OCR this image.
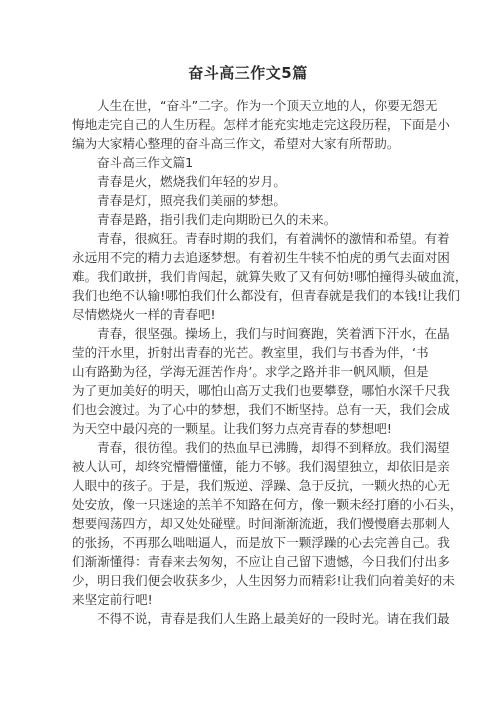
奋斗高三作文5篇
人生在世，“奋斗”二字。作为一个顶天立地的人，你要无怨无
悔地走完自己的人生历程。怎样才能充实地走完这段历程，下面是小
编为大家精心整理的奋斗高三作文，希望对大家有所帮助。
奋斗高三作文篇1
青春是火，燃烧我们年轻的岁月。
青春是灯，照亮我们美丽的梦想。
青春是路，指引我们走向期盼已久的未来。
青春，很疯狂。青春时期的我们，有着满怀的激情和希望。有着
永远用不完的精力去追逐梦想。有着初生牛犊不怕虎的勇气去面对困
难。我们敢拼，我们肯闯起，就算失败了又有何妨!哪怕撞得头破血流，
我们也绝不认输!哪怕我们什么都没有，但青春就是我们的本钱!让我们
尽情燃烧火一样的青春吧!
青春，很坚强。操场上，我们与时间赛跑，笑着洒下汗水，在晶
莹的汗水里，折射出青春的光芒。教室里，我们与书香为伴，‘书
山有路勤为径，学海无涯苦作舟’。求学之路并非一帆风顺，但是
为了更加美好的明天，哪怕山高万丈我们也要攀登，哪怕水深千尺我
们也会渡过。为了心中的梦想，我们不断坚持。总有一天，我们会成
为天空中最闪亮的一颗星。让我们努力点亮青春的梦想吧!
青春，很彷徨。我们的热血早已沸腾，却得不到释放。我们渴望
被人认可，却终究懵懵懂懂，能力不够。我们渴望独立，却依旧是亲
人眼中的孩子。于是，我们叛逆、浮躁、急于反抗，一颗火热的心无
处安放，像一只迷途的羔羊不知路在何方，像一颗未经打磨的小石头，
想要闯荡四方，却又处处碰壁。时间渐渐流逝，我们慢慢磨去那刺人
的张扬，不再那么咄咄逼人，而是放下一颗浮躁的心去完善自己。我
们渐渐懂得：青春来去匆匆，不应让自己留下遗憾，今日我们付出多
少，明日我们便会收获多少，人生因努力而精彩!让我们向着美好的未
来坚定前行吧!
不得不说，青春是我们人生路上最美好的一段时光。请在我们最
